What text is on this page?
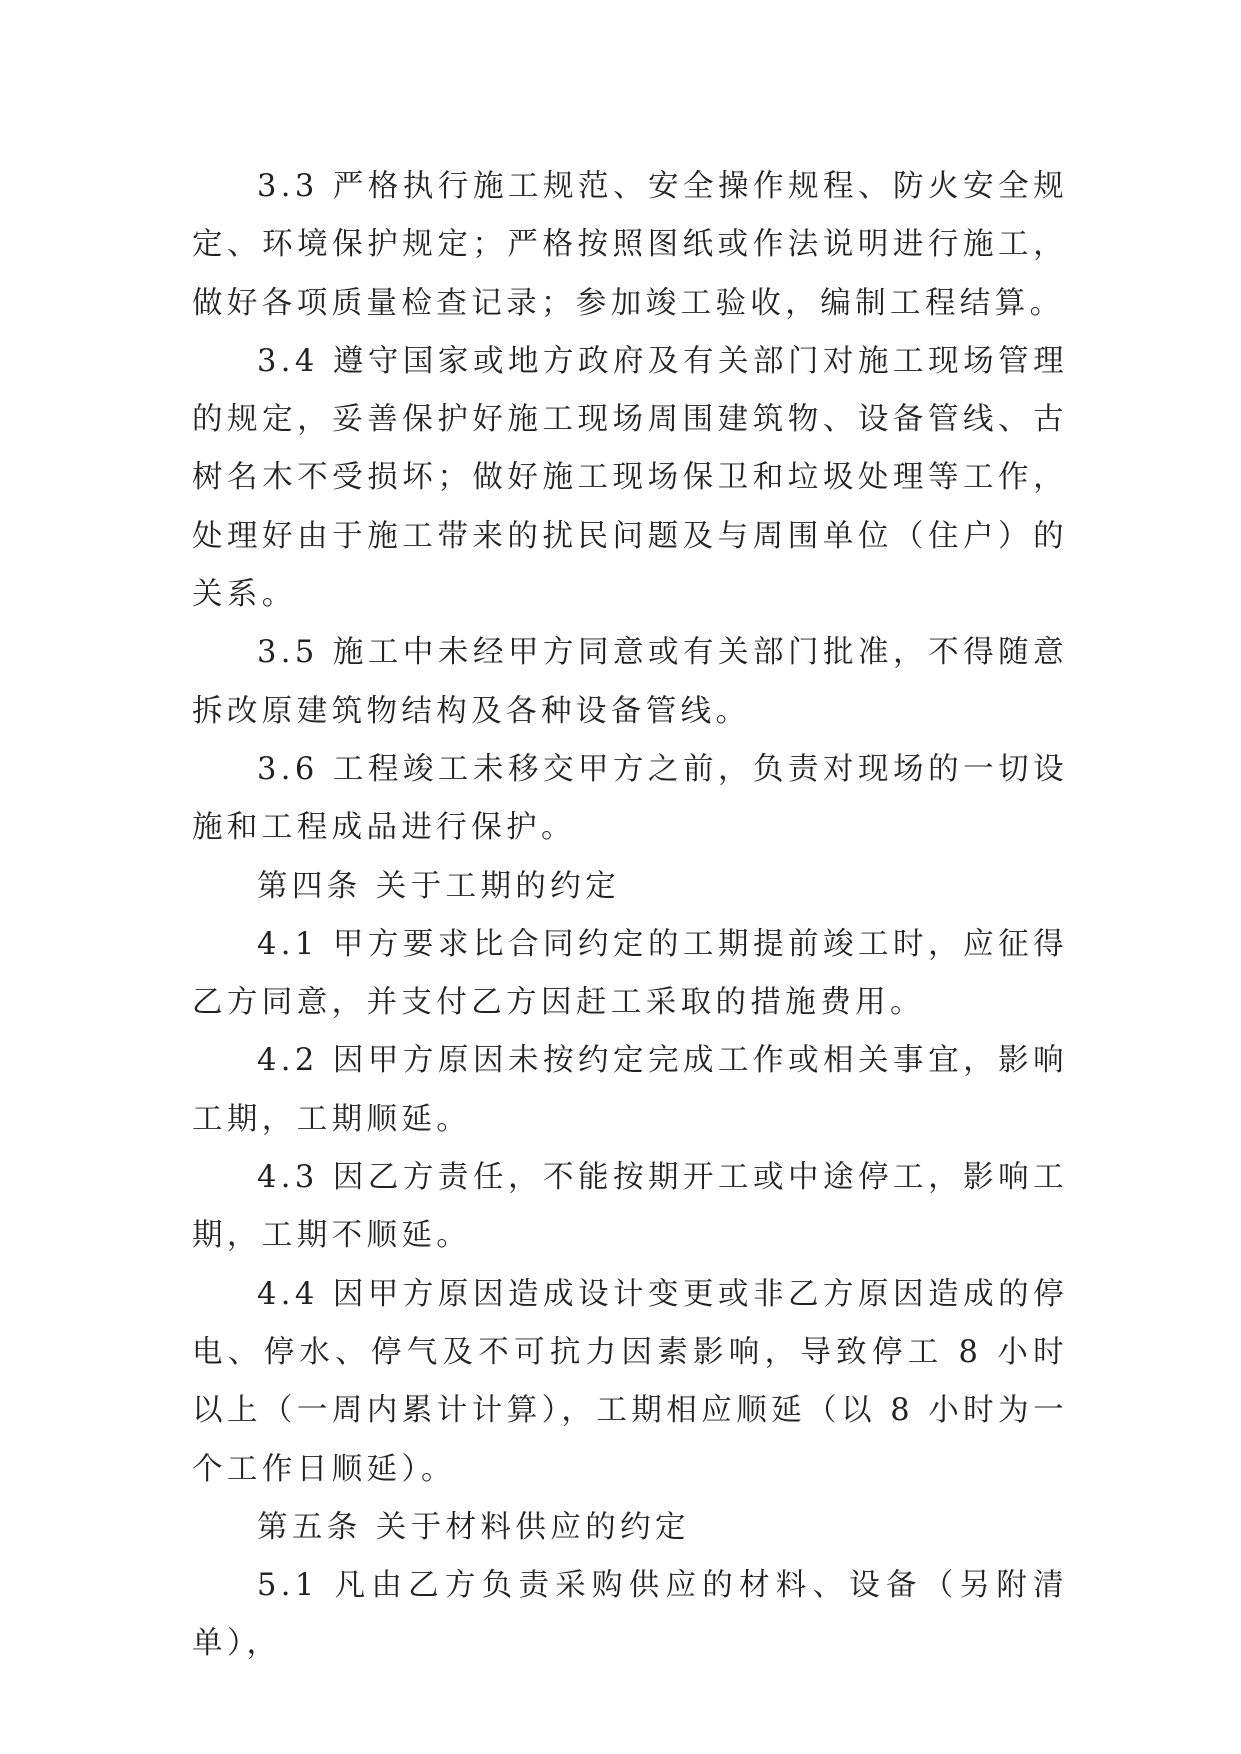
3.3 严格执行施工规范、安全操作规程、防火安全规定、环境保护规定；严格按照图纸或作法说明进行施工，做好各项质量检查记录；参加竣工验收，编制工程结算。

3.4 遵守国家或地方政府及有关部门对施工现场管理的规定，妥善保护好施工现场周围建筑物、设备管线、古树名木不受损坏；做好施工现场保卫和垃圾处理等工作，处理好由于施工带来的扰民问题及与周围单位（住户）的关系。

3.5 施工中未经甲方同意或有关部门批准，不得随意拆改原建筑物结构及各种设备管线。

3.6 工程竣工未移交甲方之前，负责对现场的一切设施和工程成品进行保护。

第四条 关于工期的约定

4.1 甲方要求比合同约定的工期提前竣工时，应征得乙方同意，并支付乙方因赶工采取的措施费用。

4.2 因甲方原因未按约定完成工作或相关事宜，影响工期，工期顺延。

4.3 因乙方责任，不能按期开工或中途停工，影响工期，工期不顺延。

4.4 因甲方原因造成设计变更或非乙方原因造成的停电、停水、停气及不可抗力因素影响，导致停工 8 小时以上（一周内累计计算），工期相应顺延（以 8 小时为一个工作日顺延）。

第五条 关于材料供应的约定

5.1 凡由乙方负责采购供应的材料、设备（另附清单），
